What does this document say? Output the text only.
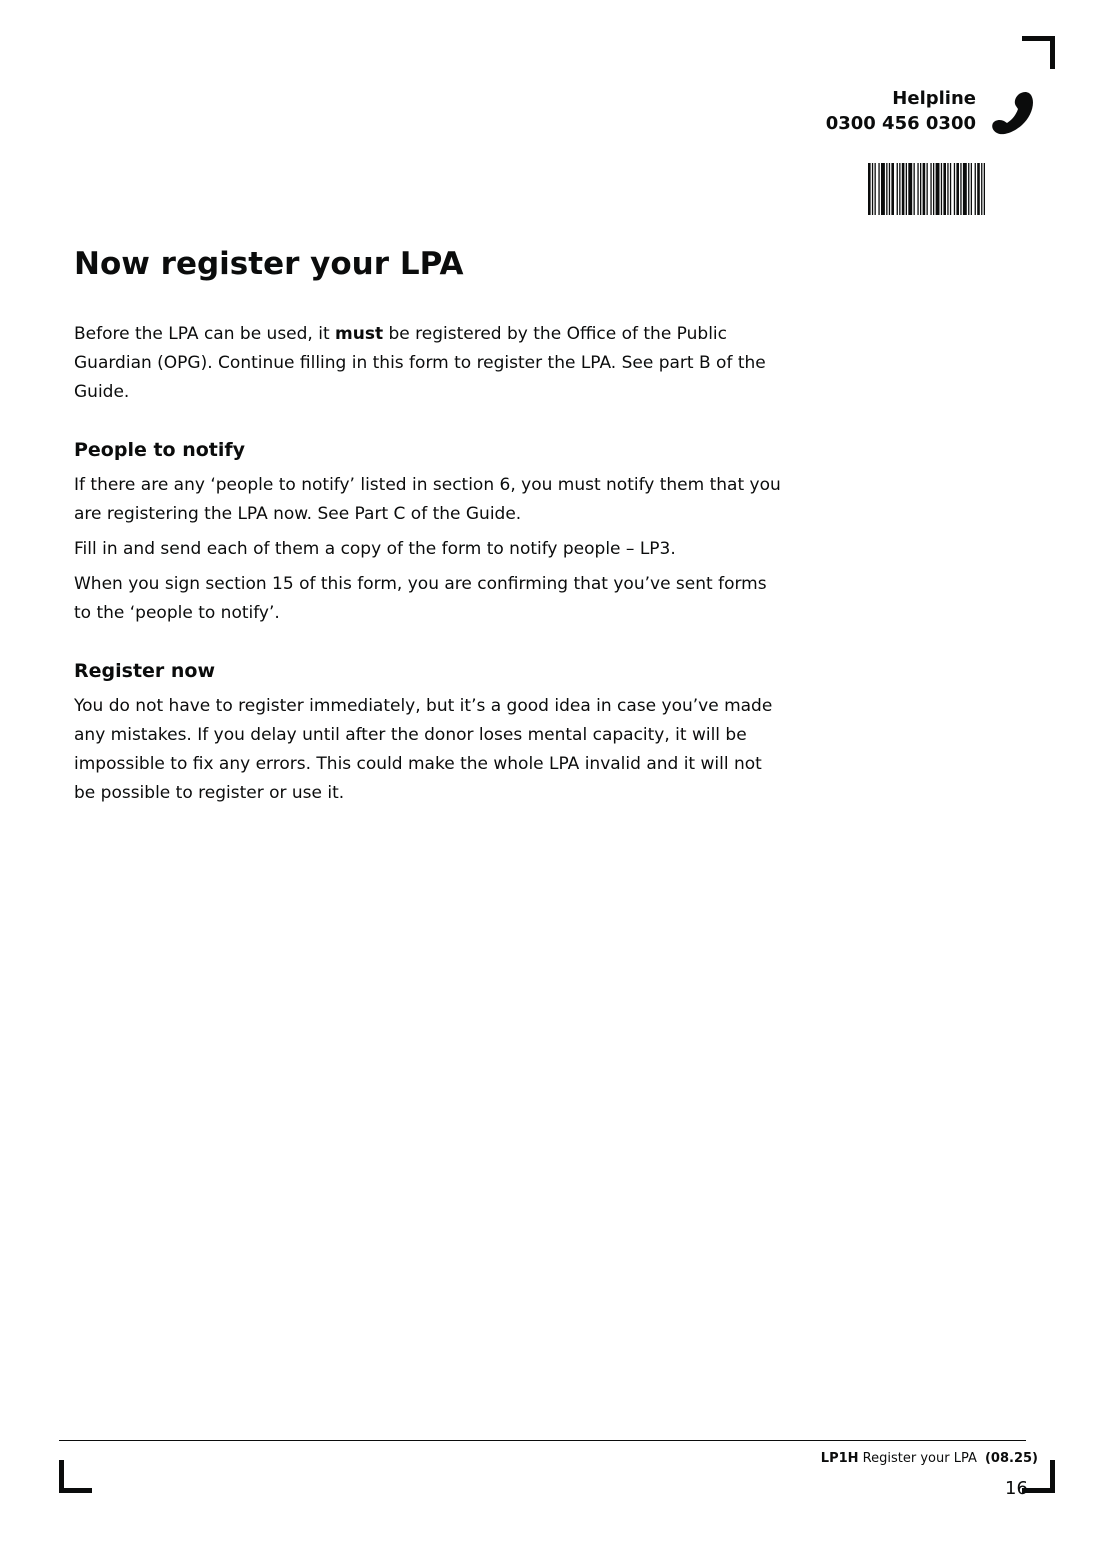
Helpline
0300 456 0300
Now register your LPA

Before the LPA can be used, it must be registered by the Office of the Public Guardian (OPG). Continue filling in this form to register the LPA. See part B of the Guide.

People to notify

If there are any ‘people to notify’ listed in section 6, you must notify them that you are registering the LPA now. See Part C of the Guide.

Fill in and send each of them a copy of the form to notify people – LP3.

When you sign section 15 of this form, you are confirming that you’ve sent forms to the ‘people to notify’.

Register now

You do not have to register immediately, but it’s a good idea in case you’ve made any mistakes. If you delay until after the donor loses mental capacity, it will be impossible to fix any errors. This could make the whole LPA invalid and it will not be possible to register or use it.

LP1H Register your LPA (08.25)
16
